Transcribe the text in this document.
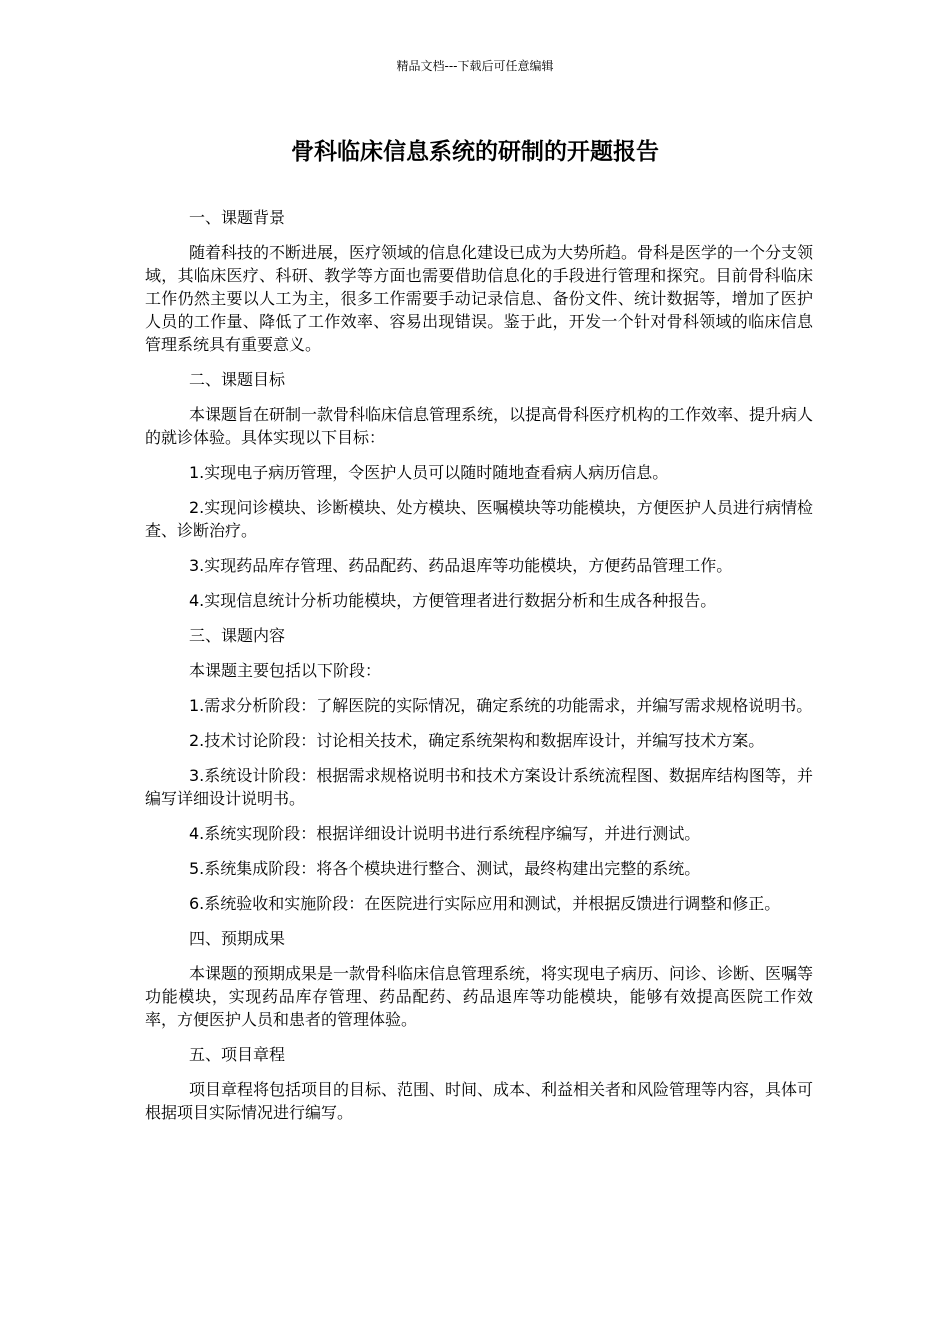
精品文档---下载后可任意编辑
骨科临床信息系统的研制的开题报告

一、课题背景

随着科技的不断进展，医疗领域的信息化建设已成为大势所趋。骨科是医学的一个分支领域，其临床医疗、科研、教学等方面也需要借助信息化的手段进行管理和探究。目前骨科临床工作仍然主要以人工为主，很多工作需要手动记录信息、备份文件、统计数据等，增加了医护人员的工作量、降低了工作效率、容易出现错误。鉴于此，开发一个针对骨科领域的临床信息管理系统具有重要意义。

二、课题目标

本课题旨在研制一款骨科临床信息管理系统，以提高骨科医疗机构的工作效率、提升病人的就诊体验。具体实现以下目标：

1.实现电子病历管理，令医护人员可以随时随地查看病人病历信息。

2.实现问诊模块、诊断模块、处方模块、医嘱模块等功能模块，方便医护人员进行病情检查、诊断治疗。

3.实现药品库存管理、药品配药、药品退库等功能模块，方便药品管理工作。

4.实现信息统计分析功能模块，方便管理者进行数据分析和生成各种报告。

三、课题内容

本课题主要包括以下阶段：

1.需求分析阶段：了解医院的实际情况，确定系统的功能需求，并编写需求规格说明书。

2.技术讨论阶段：讨论相关技术，确定系统架构和数据库设计，并编写技术方案。

3.系统设计阶段：根据需求规格说明书和技术方案设计系统流程图、数据库结构图等，并编写详细设计说明书。

4.系统实现阶段：根据详细设计说明书进行系统程序编写，并进行测试。

5.系统集成阶段：将各个模块进行整合、测试，最终构建出完整的系统。

6.系统验收和实施阶段：在医院进行实际应用和测试，并根据反馈进行调整和修正。

四、预期成果

本课题的预期成果是一款骨科临床信息管理系统，将实现电子病历、问诊、诊断、医嘱等功能模块，实现药品库存管理、药品配药、药品退库等功能模块，能够有效提高医院工作效率，方便医护人员和患者的管理体验。

五、项目章程

项目章程将包括项目的目标、范围、时间、成本、利益相关者和风险管理等内容，具体可根据项目实际情况进行编写。
